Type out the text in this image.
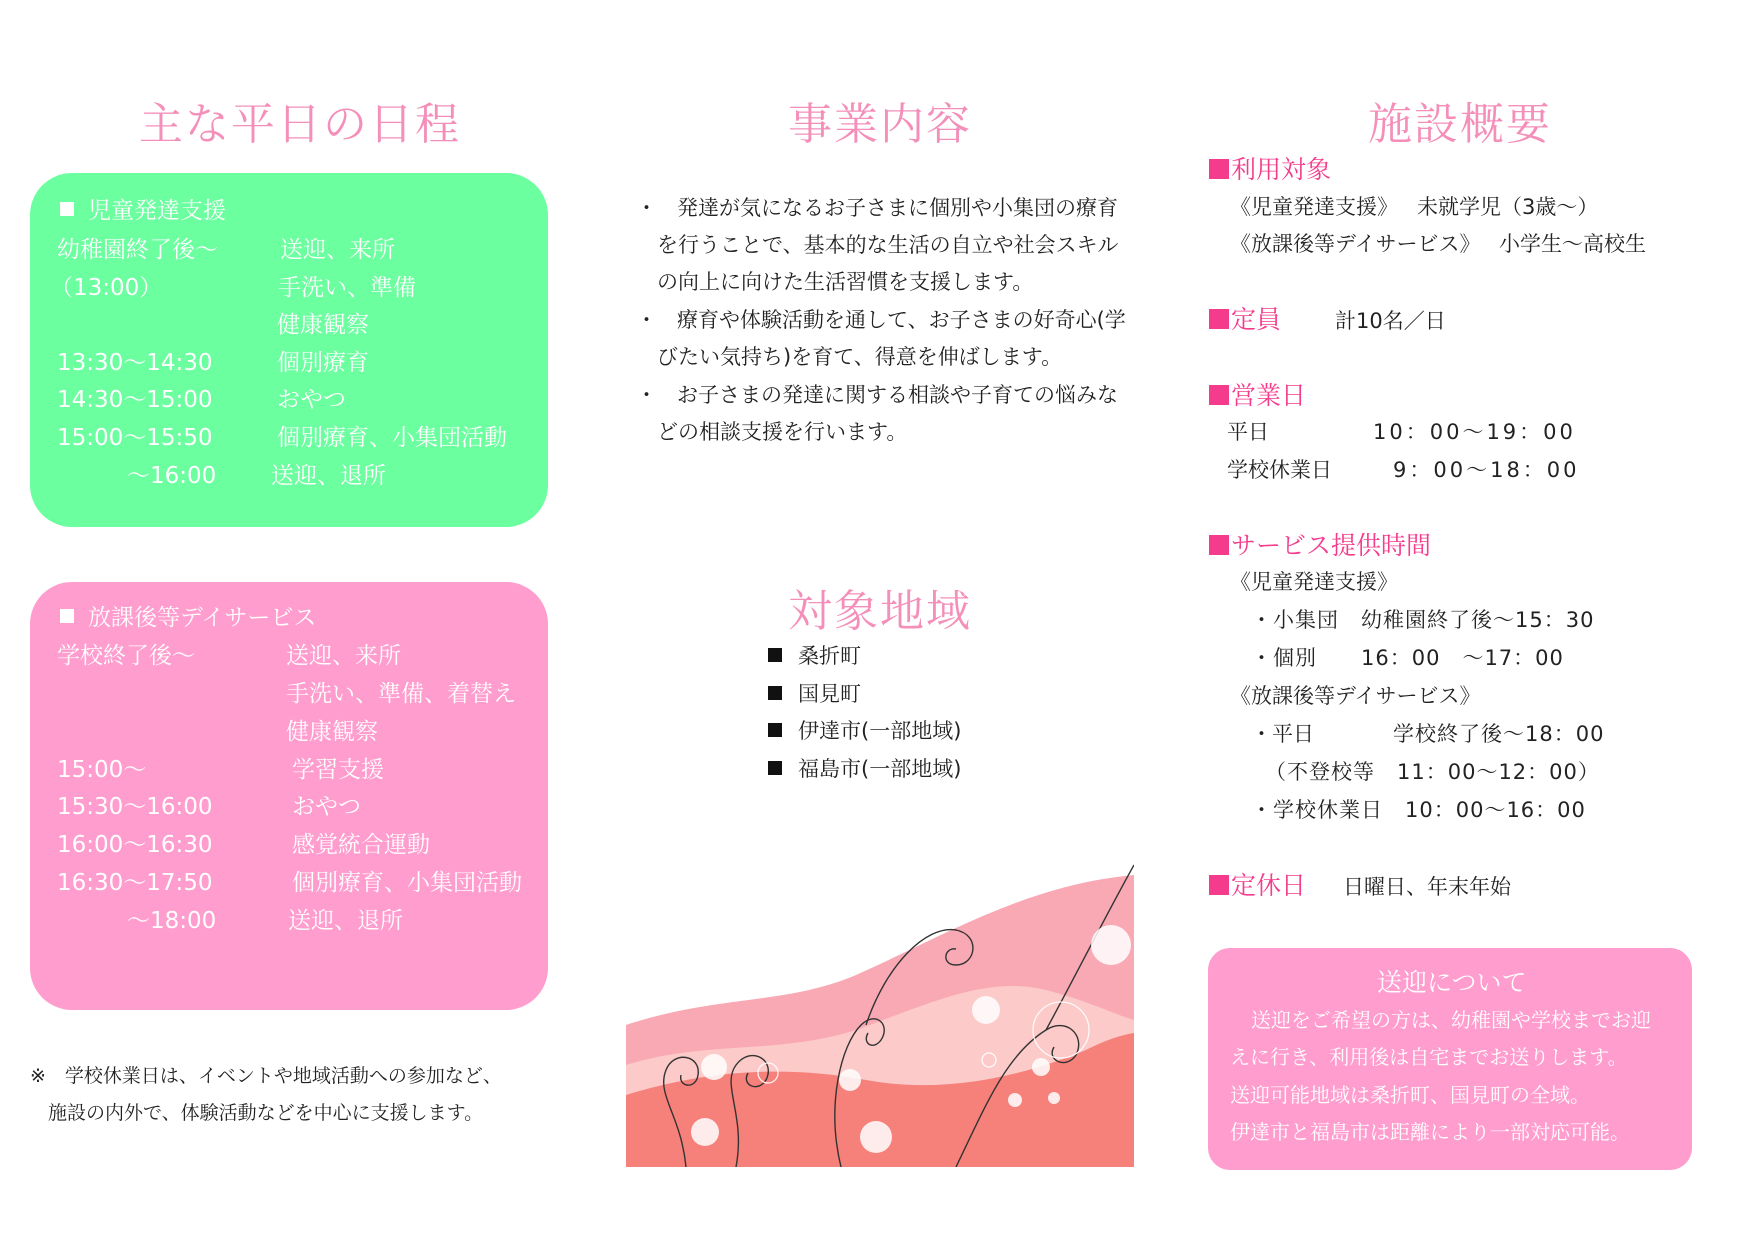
主な平日の日程
児童発達支援
幼稚園終了後～	送迎、来所
（13:00）	手洗い、準備
健康観察
13:30～14:30	個別療育
14:30～15:00	おやつ
15:00～15:50	個別療育、小集団活動
～16:00 送迎、退所
放課後等デイサービス
学校終了後～	送迎、来所
手洗い、準備、着替え
健康観察
15:00～	学習支援
15:30～16:00	おやつ
16:00～16:30	感覚統合運動
16:30～17:50	個別療育、小集団活動
～18:00	送迎、退所
※　学校休業日は、イベントや地域活動への参加など、
施設の内外で、体験活動などを中心に支援します。
事業内容
・ 発達が気になるお子さまに個別や小集団の療育
を行うことで、基本的な生活の自立や社会スキル
の向上に向けた生活習慣を支援します。
・ 療育や体験活動を通して、お子さまの好奇心(学
びたい気持ち)を育て、得意を伸ばします。
・ お子さまの発達に関する相談や子育ての悩みな
どの相談支援を行います。
対象地域
桑折町
国見町
伊達市(一部地域)
福島市(一部地域)
施設概要
利用対象
《児童発達支援》 未就学児（3歳～）
《放課後等デイサービス》 小学生～高校生
定員	計10名／日
営業日
平日	10：00～19：00
学校休業日	9：00～18：00
サービス提供時間
《児童発達支援》
・小集団　幼稚園終了後～15：30
・個別　　16：00　～17：00
《放課後等デイサービス》
・平日	学校終了後～18：00
（不登校等　11：00～12：00）
・学校休業日　10：00～16：00
定休日 日曜日、年末年始
送迎について
送迎をご希望の方は、幼稚園や学校までお迎
えに行き、利用後は自宅までお送りします。
送迎可能地域は桑折町、国見町の全域。
伊達市と福島市は距離により一部対応可能。
